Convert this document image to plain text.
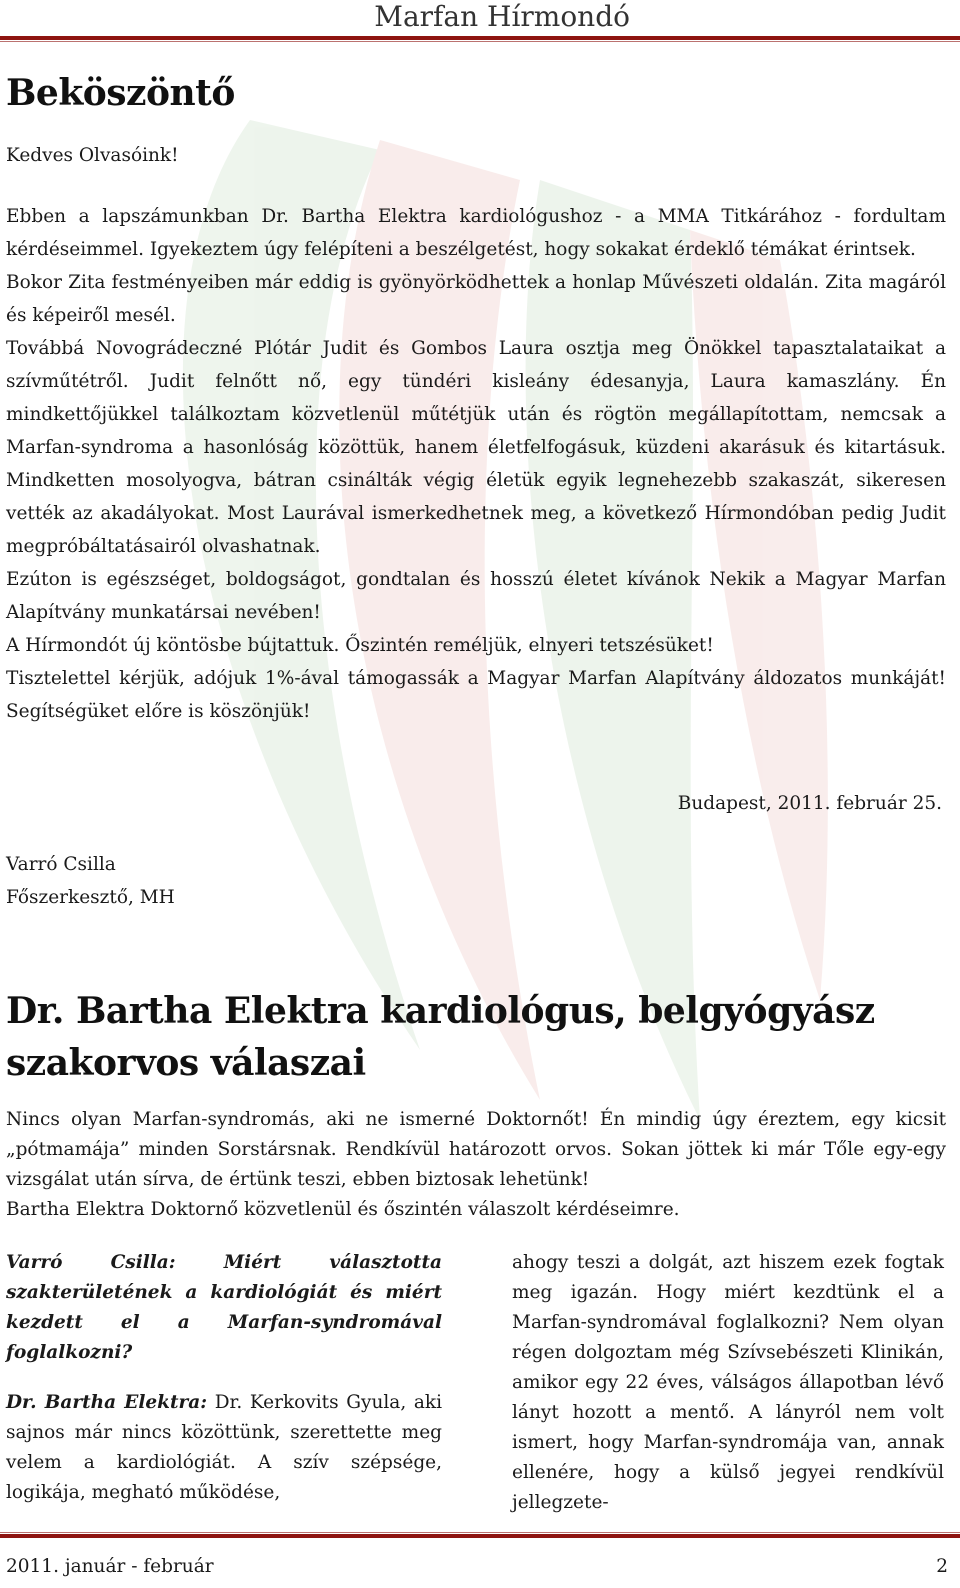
Marfan Hírmondó
Beköszöntő
Kedves Olvasóink!

Ebben a lapszámunkban Dr. Bartha Elektra kardiológushoz - a MMA Titkárához - fordultam kérdéseimmel. Igyekeztem úgy felépíteni a beszélgetést, hogy sokakat érdeklő témákat érintsek.

Bokor Zita festményeiben már eddig is gyönyörködhettek a honlap Művészeti oldalán. Zita magáról és képeiről mesél.

Továbbá Novográdeczné Plótár Judit és Gombos Laura osztja meg Önökkel tapasztalataikat a szívműtétről. Judit felnőtt nő, egy tündéri kisleány édesanyja, Laura kamaszlány. Én mindkettőjükkel találkoztam közvetlenül műtétjük után és rögtön megállapítottam, nemcsak a Marfan-syndroma a hasonlóság közöttük, hanem életfelfogásuk, küzdeni akarásuk és kitartásuk. Mindketten mosolyogva, bátran csinálták végig életük egyik legnehezebb szakaszát, sikeresen vették az akadályokat. Most Laurával ismerkedhetnek meg, a következő Hírmondóban pedig Judit megpróbáltatásairól olvashatnak.

Ezúton is egészséget, boldogságot, gondtalan és hosszú életet kívánok Nekik a Magyar Marfan Alapítvány munkatársai nevében!

A Hírmondót új köntösbe bújtattuk. Őszintén reméljük, elnyeri tetszésüket!

Tisztelettel kérjük, adójuk 1%-ával támogassák a Magyar Marfan Alapítvány áldozatos munkáját! Segítségüket előre is köszönjük!

Budapest, 2011. február 25.
Varró Csilla
Főszerkesztő, MH
Dr. Bartha Elektra kardiológus, belgyógyász szakorvos válaszai

Nincs olyan Marfan-syndromás, aki ne ismerné Doktornőt! Én mindig úgy éreztem, egy kicsit „pótmamája” minden Sorstársnak. Rendkívül határozott orvos. Sokan jöttek ki már Tőle egy-egy vizsgálat után sírva, de értünk teszi, ebben biztosak lehetünk!

Bartha Elektra Doktornő közvetlenül és őszintén válaszolt kérdéseimre.

Varró Csilla: Miért választotta szakterületének a kardiológiát és miért kezdett el a Marfan-syndromával foglalkozni?

Dr. Bartha Elektra: Dr. Kerkovits Gyula, aki sajnos már nincs közöttünk, szerettette meg velem a kardiológiát. A szív szépsége, logikája, megható működése,

ahogy teszi a dolgát, azt hiszem ezek fogtak meg igazán. Hogy miért kezdtünk el a Marfan-syndromával foglalkozni? Nem olyan régen dolgoztam még Szívsebészeti Klinikán, amikor egy 22 éves, válságos állapotban lévő lányt hozott a mentő. A lányról nem volt ismert, hogy Marfan-syndromája van, annak ellenére, hogy a külső jegyei rendkívül jellegzete-

2011. január - február	2
